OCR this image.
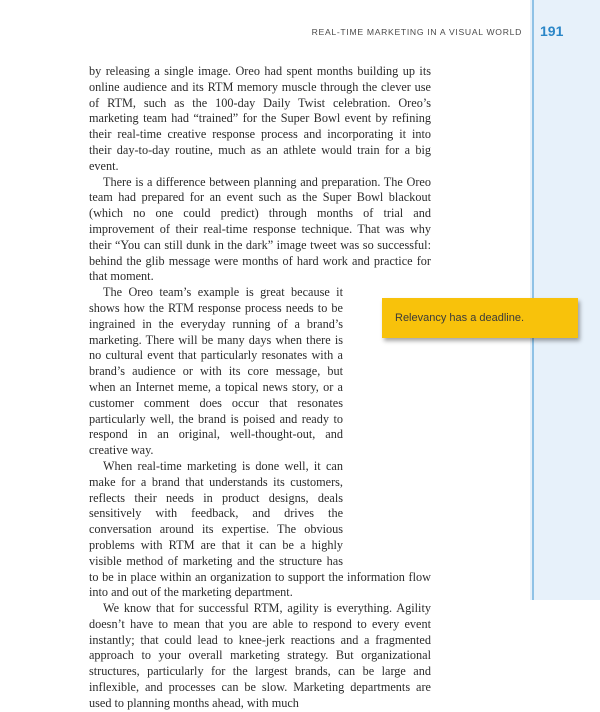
REAL-TIME MARKETING IN A VISUAL WORLD 191

by releasing a single image. Oreo had spent months building up its online audience and its RTM memory muscle through the clever use of RTM, such as the 100-day Daily Twist celebration. Oreo’s marketing team had “trained” for the Super Bowl event by refining their real-time creative response process and incorporating it into their day-to-day routine, much as an athlete would train for a big event.

There is a difference between planning and preparation. The Oreo team had prepared for an event such as the Super Bowl blackout (which no one could predict) through months of trial and improvement of their real-time response technique. That was why their “You can still dunk in the dark” image tweet was so successful: behind the glib message were months of hard work and practice for that moment.

The Oreo team’s example is great because it shows how the RTM response process needs to be ingrained in the everyday running of a brand’s marketing. There will be many days when there is no cultural event that particularly resonates with a brand’s audience or with its core message, but when an Internet meme, a topical news story, or a customer comment does occur that resonates particularly well, the brand is poised and ready to respond in an original, well-thought-out, and creative way.

When real-time marketing is done well, it can make for a brand that understands its customers, reflects their needs in product designs, deals sensitively with feedback, and drives the conversation around its expertise. The obvious problems with RTM are that it can be a highly visible method of marketing and the structure has to be in place within an organization to support the information flow into and out of the marketing department.

We know that for successful RTM, agility is everything. Agility doesn’t have to mean that you are able to respond to every event instantly; that could lead to knee-jerk reactions and a fragmented approach to your overall marketing strategy. But organizational structures, particularly for the largest brands, can be large and inflexible, and processes can be slow. Marketing departments are used to planning months ahead, with much

Relevancy has a deadline.
